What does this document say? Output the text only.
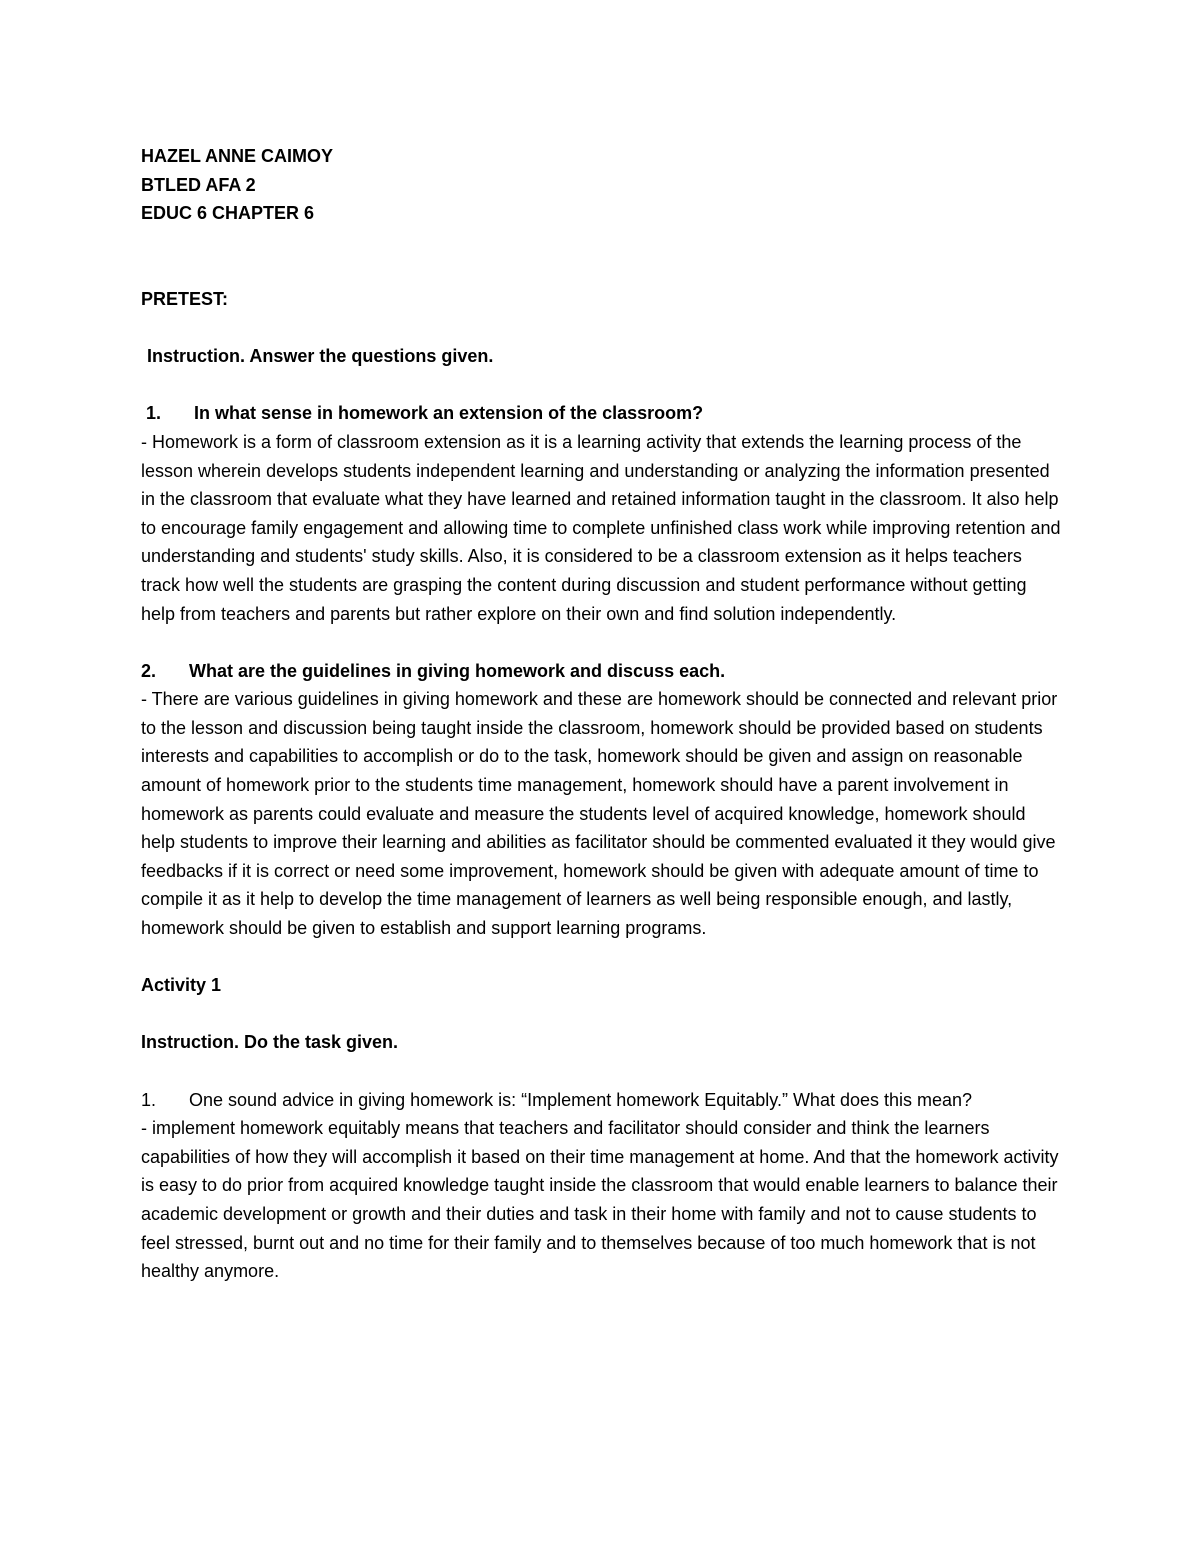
HAZEL ANNE CAIMOY

BTLED AFA 2

EDUC 6 CHAPTER 6

PRETEST:

Instruction. Answer the questions given.

1.	In what sense in homework an extension of the classroom?

- Homework is a form of classroom extension as it is a learning activity that extends the learning process of the lesson wherein develops students independent learning and understanding or analyzing the information presented in the classroom that evaluate what they have learned and retained information taught in the classroom. It also help to encourage family engagement and allowing time to complete unfinished class work while improving retention and understanding and students' study skills. Also, it is considered to be a classroom extension as it helps teachers track how well the students are grasping the content during discussion and student performance without getting help from teachers and parents but rather explore on their own and find solution independently.

2.	What are the guidelines in giving homework and discuss each.

- There are various guidelines in giving homework and these are homework should be connected and relevant prior to the lesson and discussion being taught inside the classroom, homework should be provided based on students interests and capabilities to accomplish or do to the task, homework should be given and assign on reasonable amount of homework prior to the students time management, homework should have a parent involvement in homework as parents could evaluate and measure the students level of acquired knowledge, homework should help students to improve their learning and abilities as facilitator should be commented evaluated it they would give feedbacks if it is correct or need some improvement, homework should be given with adequate amount of time to compile it as it help to develop the time management of learners as well being responsible enough, and lastly, homework should be given to establish and support learning programs.

Activity 1

Instruction. Do the task given.

1.	One sound advice in giving homework is: “Implement homework Equitably.” What does this mean?

- implement homework equitably means that teachers and facilitator should consider and think the learners capabilities of how they will accomplish it based on their time management at home. And that the homework activity is easy to do prior from acquired knowledge taught inside the classroom that would enable learners to balance their academic development or growth and their duties and task in their home with family and not to cause students to feel stressed, burnt out and no time for their family and to themselves because of too much homework that is not healthy anymore.
